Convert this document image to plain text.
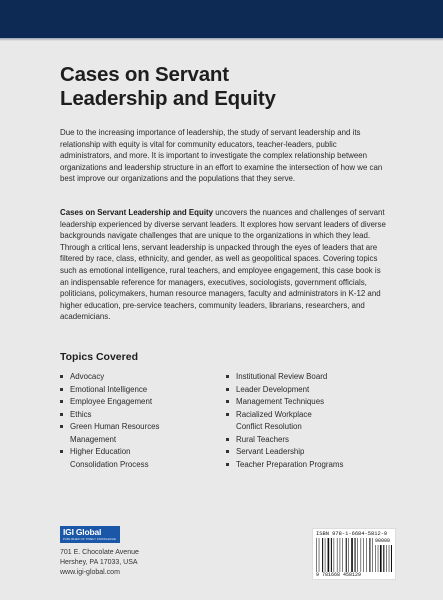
Cases on Servant
Leadership and Equity

Due to the increasing importance of leadership, the study of servant leadership and its relationship with equity is vital for community educators, teacher-leaders, public administrators, and more. It is important to investigate the complex relationship between organizations and leadership structure in an effort to examine the intersection of how we can best improve our organizations and the populations that they serve.

Cases on Servant Leadership and Equity uncovers the nuances and challenges of servant leadership experienced by diverse servant leaders. It explores how servant leaders of diverse backgrounds navigate challenges that are unique to the organizations in which they lead. Through a critical lens, servant leadership is unpacked through the eyes of leaders that are filtered by race, class, ethnicity, and gender, as well as geopolitical spaces. Covering topics such as emotional intelligence, rural teachers, and employee engagement, this case book is an indispensable reference for managers, executives, sociologists, government officials, politicians, policymakers, human resource managers, faculty and administrators in K-12 and higher education, pre-service teachers, community leaders, librarians, researchers, and academicians.

Topics Covered
Advocacy
Emotional Intelligence
Employee Engagement
Ethics
Green Human Resources Management
Higher Education Consolidation Process
Institutional Review Board
Leader Development
Management Techniques
Racialized Workplace Conflict Resolution
Rural Teachers
Servant Leadership
Teacher Preparation Programs
IGI Global
PUBLISHER OF TIMELY KNOWLEDGE
701 E. Chocolate Avenue
Hershey, PA 17033, USA
www.igi-global.com
ISBN 978-1-6684-5812-9
90000
9 781668 458129
